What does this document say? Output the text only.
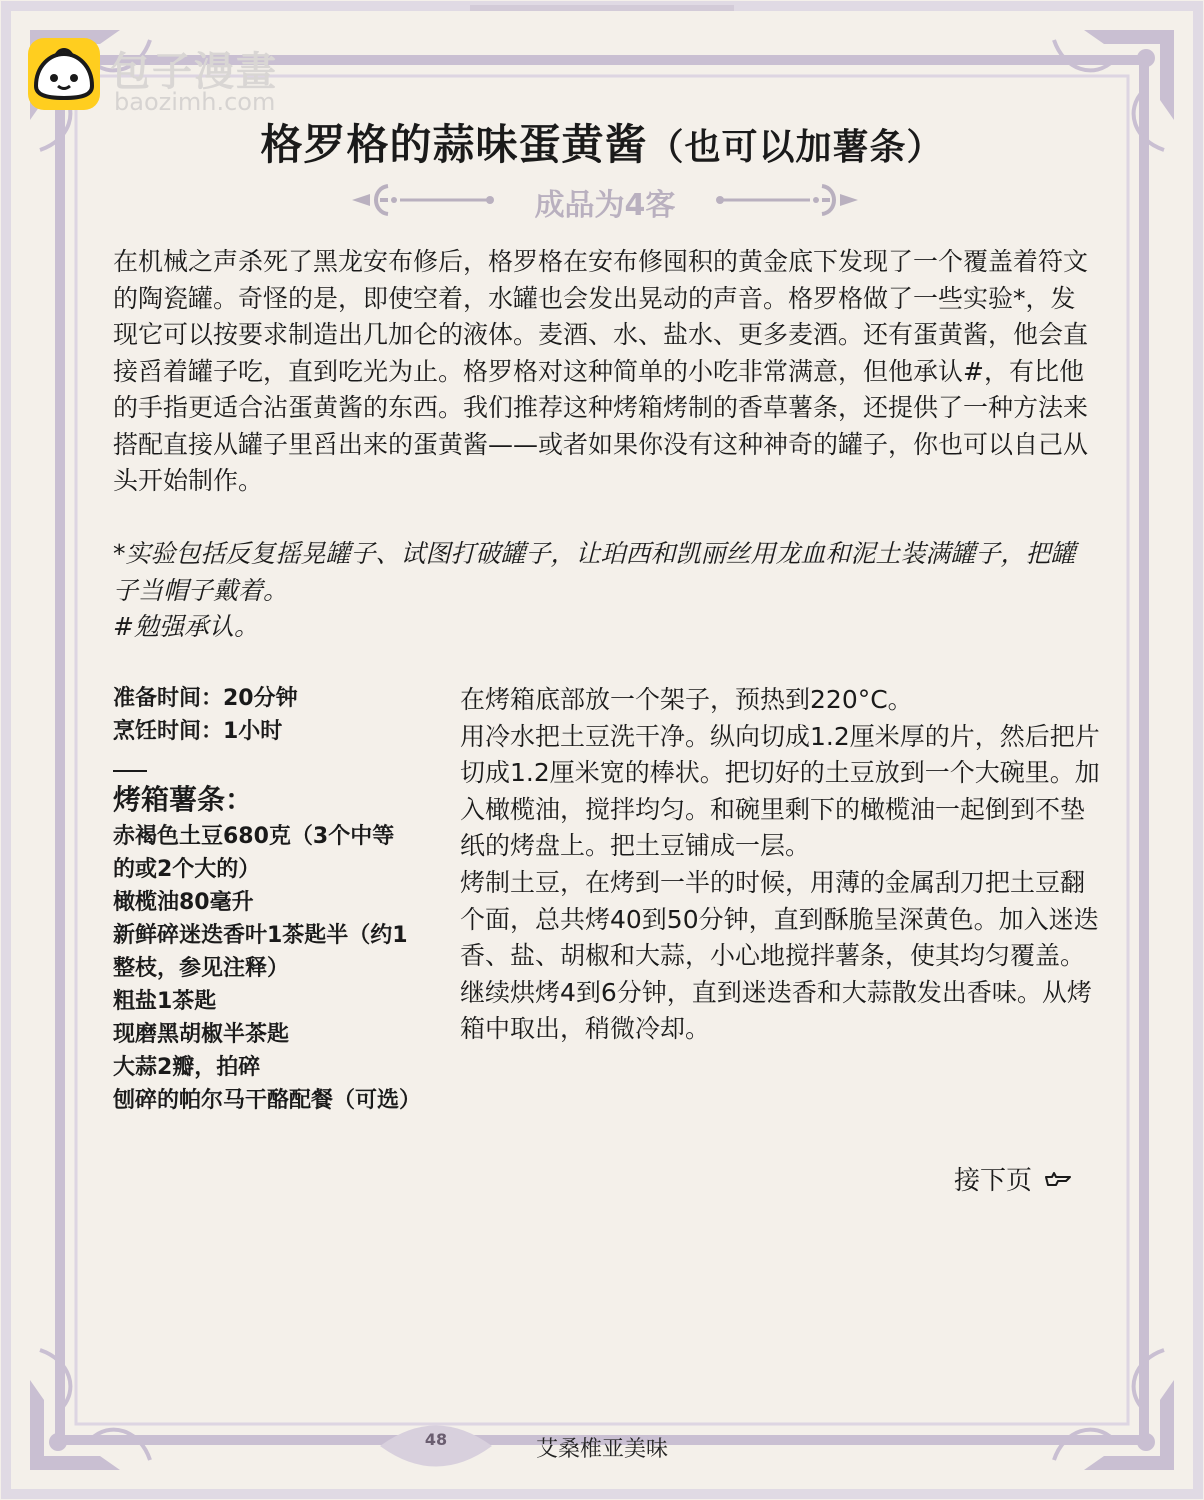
包子漫畫
baozimh.com
格罗格的蒜味蛋黄酱（也可以加薯条）
成品为4客

在机械之声杀死了黑龙安布修后，格罗格在安布修囤积的黄金底下发现了一个覆盖着符文的陶瓷罐。奇怪的是，即使空着，水罐也会发出晃动的声音。格罗格做了一些实验*，发现它可以按要求制造出几加仑的液体。麦酒、水、盐水、更多麦酒。还有蛋黄酱，他会直接舀着罐子吃，直到吃光为止。格罗格对这种简单的小吃非常满意，但他承认#，有比他的手指更适合沾蛋黄酱的东西。我们推荐这种烤箱烤制的香草薯条，还提供了一种方法来搭配直接从罐子里舀出来的蛋黄酱——或者如果你没有这种神奇的罐子，你也可以自己从头开始制作。

*实验包括反复摇晃罐子、试图打破罐子，让珀西和凯丽丝用龙血和泥土装满罐子，把罐子当帽子戴着。

#勉强承认。

准备时间：20分钟
烹饪时间：1小时
烤箱薯条：
赤褐色土豆680克（3个中等的或2个大的）
橄榄油80毫升
新鲜碎迷迭香叶1茶匙半（约1整枝，参见注释）
粗盐1茶匙
现磨黑胡椒半茶匙
大蒜2瓣，拍碎
刨碎的帕尔马干酪配餐（可选）

在烤箱底部放一个架子，预热到220°C。

用冷水把土豆洗干净。纵向切成1.2厘米厚的片，然后把片切成1.2厘米宽的棒状。把切好的土豆放到一个大碗里。加入橄榄油，搅拌均匀。和碗里剩下的橄榄油一起倒到不垫纸的烤盘上。把土豆铺成一层。

烤制土豆，在烤到一半的时候，用薄的金属刮刀把土豆翻个面，总共烤40到50分钟，直到酥脆呈深黄色。加入迷迭香、盐、胡椒和大蒜，小心地搅拌薯条，使其均匀覆盖。继续烘烤4到6分钟，直到迷迭香和大蒜散发出香味。从烤箱中取出，稍微冷却。

接下页
48	艾桑椎亚美味
